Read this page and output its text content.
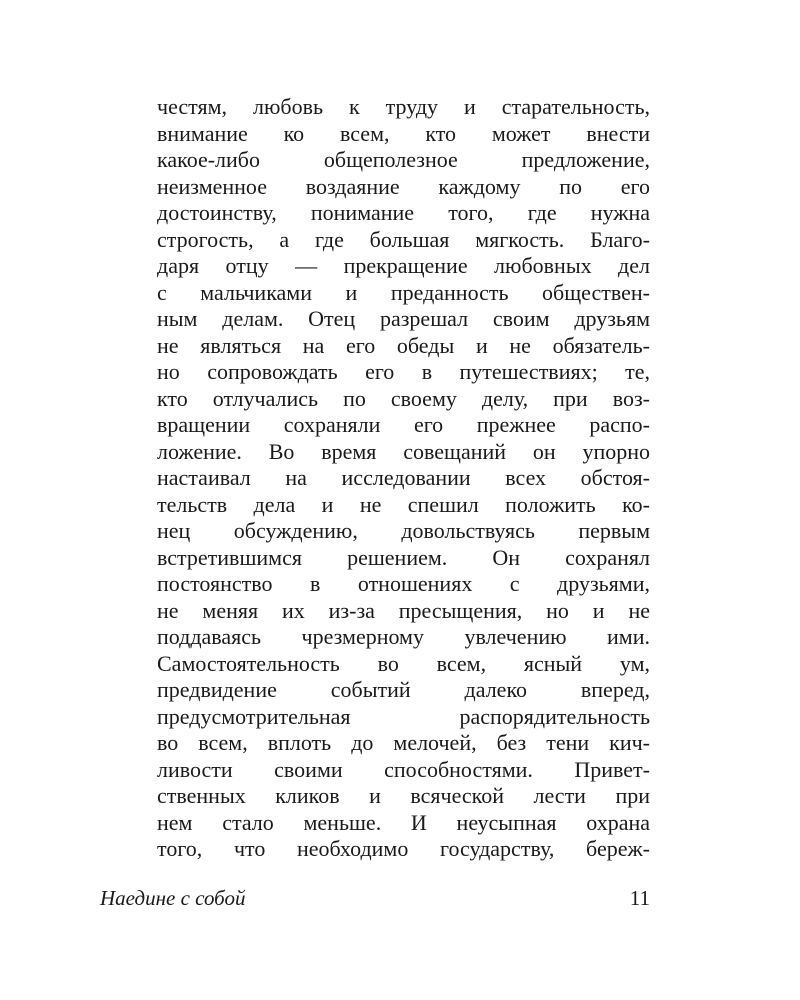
честям, любовь к труду и старательность,
внимание ко всем, кто может внести
какое-либо общеполезное предложение,
неизменное воздаяние каждому по его
достоинству, понимание того, где нужна
строгость, а где большая мягкость. Благо-
даря отцу — прекращение любовных дел
с мальчиками и преданность обществен-
ным делам. Отец разрешал своим друзьям
не являться на его обеды и не обязатель-
но сопровождать его в путешествиях; те,
кто отлучались по своему делу, при воз-
вращении сохраняли его прежнее распо-
ложение. Во время совещаний он упорно
настаивал на исследовании всех обстоя-
тельств дела и не спешил положить ко-
нец обсуждению, довольствуясь первым
встретившимся решением. Он сохранял
постоянство в отношениях с друзьями,
не меняя их из-за пресыщения, но и не
поддаваясь чрезмерному увлечению ими.
Самостоятельность во всем, ясный ум,
предвидение событий далеко вперед,
предусмотрительная распорядительность
во всем, вплоть до мелочей, без тени кич-
ливости своими способностями. Привет-
ственных кликов и всяческой лести при
нем стало меньше. И неусыпная охрана
того, что необходимо государству, береж-
Наедине с собой	11
